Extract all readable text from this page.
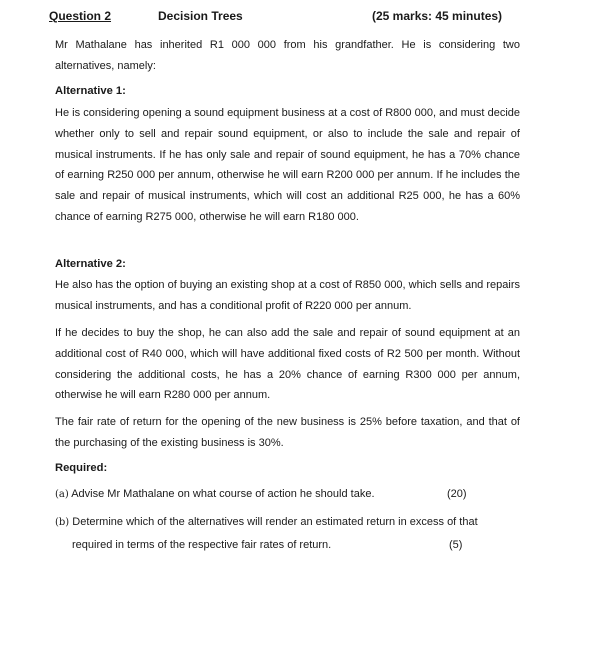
Question 2	Decision Trees	(25 marks: 45 minutes)

Mr Mathalane has inherited R1 000 000 from his grandfather. He is considering two alternatives, namely:

Alternative 1:

He is considering opening a sound equipment business at a cost of R800 000, and must decide whether only to sell and repair sound equipment, or also to include the sale and repair of musical instruments. If he has only sale and repair of sound equipment, he has a 70% chance of earning R250 000 per annum, otherwise he will earn R200 000 per annum. If he includes the sale and repair of musical instruments, which will cost an additional R25 000, he has a 60% chance of earning R275 000, otherwise he will earn R180 000.

Alternative 2:

He also has the option of buying an existing shop at a cost of R850 000, which sells and repairs musical instruments, and has a conditional profit of R220 000 per annum.

If he decides to buy the shop, he can also add the sale and repair of sound equipment at an additional cost of R40 000, which will have additional fixed costs of R2 500 per month. Without considering the additional costs, he has a 20% chance of earning R300 000 per annum, otherwise he will earn R280 000 per annum.

The fair rate of return for the opening of the new business is 25% before taxation, and that of the purchasing of the existing business is 30%.

Required:
(a) Advise Mr Mathalane on what course of action he should take.	(20)
(b) Determine which of the alternatives will render an estimated return in excess of that
required in terms of the respective fair rates of return.	(5)
